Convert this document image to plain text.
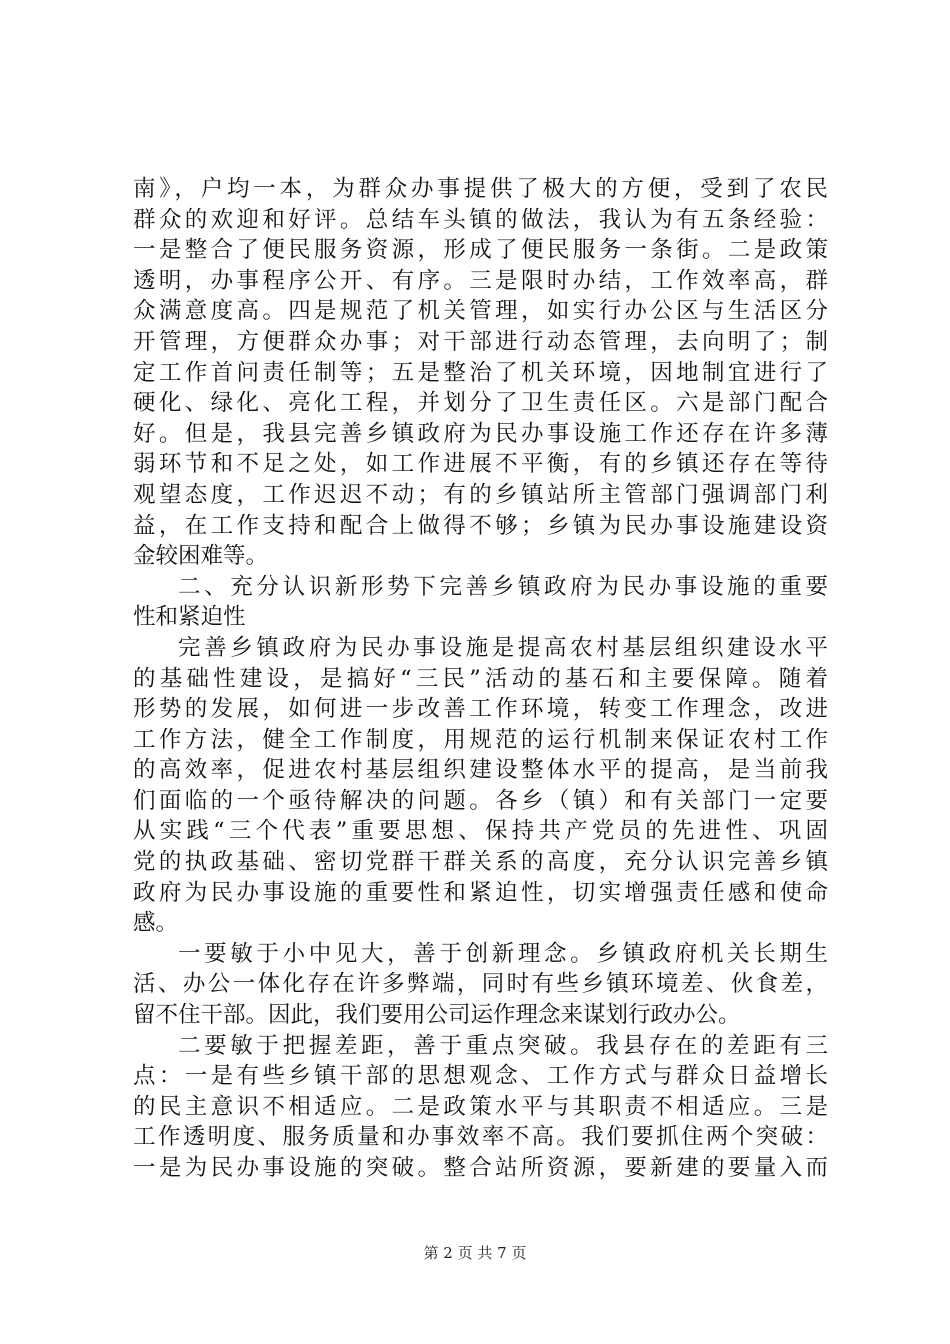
南》，户均一本，为群众办事提供了极大的方便，受到了农民
群众的欢迎和好评。总结车头镇的做法，我认为有五条经验：
一是整合了便民服务资源，形成了便民服务一条街。二是政策
透明，办事程序公开、有序。三是限时办结，工作效率高，群
众满意度高。四是规范了机关管理，如实行办公区与生活区分
开管理，方便群众办事；对干部进行动态管理，去向明了；制
定工作首问责任制等；五是整治了机关环境，因地制宜进行了
硬化、绿化、亮化工程，并划分了卫生责任区。六是部门配合
好。但是，我县完善乡镇政府为民办事设施工作还存在许多薄
弱环节和不足之处，如工作进展不平衡，有的乡镇还存在等待
观望态度，工作迟迟不动；有的乡镇站所主管部门强调部门利
益，在工作支持和配合上做得不够；乡镇为民办事设施建设资
金较困难等。
二、充分认识新形势下完善乡镇政府为民办事设施的重要
性和紧迫性
完善乡镇政府为民办事设施是提高农村基层组织建设水平
的基础性建设，是搞好“三民”活动的基石和主要保障。随着
形势的发展，如何进一步改善工作环境，转变工作理念，改进
工作方法，健全工作制度，用规范的运行机制来保证农村工作
的高效率，促进农村基层组织建设整体水平的提高，是当前我
们面临的一个亟待解决的问题。各乡（镇）和有关部门一定要
从实践“三个代表”重要思想、保持共产党员的先进性、巩固
党的执政基础、密切党群干群关系的高度，充分认识完善乡镇
政府为民办事设施的重要性和紧迫性，切实增强责任感和使命
感。
一要敏于小中见大，善于创新理念。乡镇政府机关长期生
活、办公一体化存在许多弊端，同时有些乡镇环境差、伙食差，
留不住干部。因此，我们要用公司运作理念来谋划行政办公。
二要敏于把握差距，善于重点突破。我县存在的差距有三
点：一是有些乡镇干部的思想观念、工作方式与群众日益增长
的民主意识不相适应。二是政策水平与其职责不相适应。三是
工作透明度、服务质量和办事效率不高。我们要抓住两个突破：
一是为民办事设施的突破。整合站所资源，要新建的要量入而
第 2 页 共 7 页
